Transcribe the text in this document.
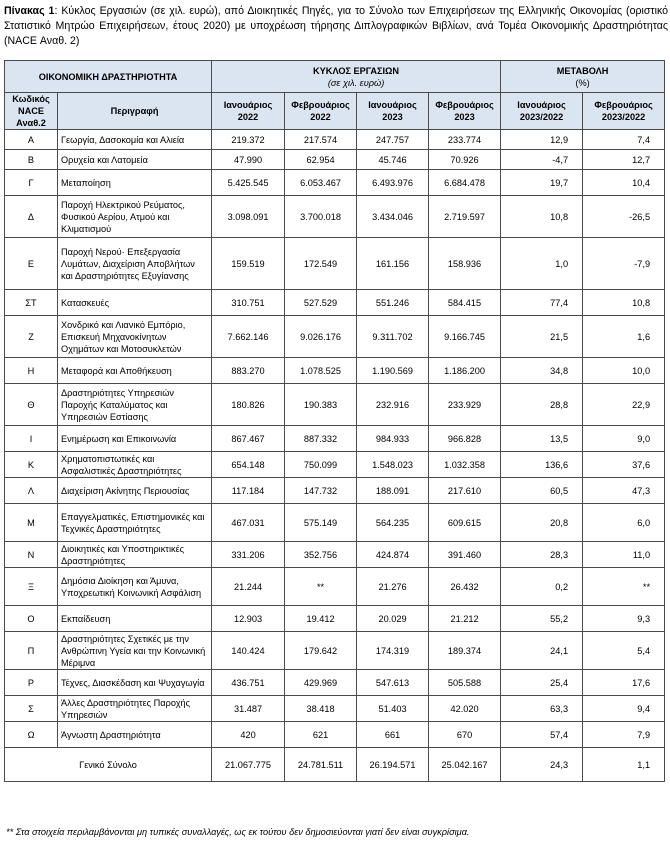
Πίνακας 1: Κύκλος Εργασιών (σε χιλ. ευρώ), από Διοικητικές Πηγές, για το Σύνολο των Επιχειρήσεων της Ελληνικής Οικονομίας (οριστικό Στατιστικό Μητρώο Επιχειρήσεων, έτους 2020) με υποχρέωση τήρησης Διπλογραφικών Βιβλίων, ανά Τομέα Οικονομικής Δραστηριότητας (NACE Αναθ. 2)
ΟΙΚΟΝΟΜΙΚΗ ΔΡΑΣΤΗΡΙΟΤΗΤΑ		ΚΥΚΛΟΣ ΕΡΓΑΣΙΩΝ
(σε χιλ. ευρώ)				ΜΕΤΑΒΟΛΗ
(%)	

Κωδικός NACE Αναθ.2	Περιγραφή	Ιανουάριος 2022	Φεβρουάριος 2022	Ιανουάριος 2023	Φεβρουάριος 2023	Ιανουάριος 2023/2022	Φεβρουάριος 2023/2022
Α	Γεωργία, Δασοκομία και Αλιεία	219.372	217.574	247.757	233.774	12,9	7,4
Β	Ορυχεία και Λατομεία	47.990	62.954	45.746	70.926	-4,7	12,7
Γ	Μεταποίηση	5.425.545	6.053.467	6.493.976	6.684.478	19,7	10,4
Δ	Παροχή Ηλεκτρικού Ρεύματος, Φυσικού Αερίου, Ατμού και Κλιματισμού	3.098.091	3.700.018	3.434.046	2.719.597	10,8	-26,5
Ε	Παροχή Νερού· Επεξεργασία Λυμάτων, Διαχείριση Αποβλήτων και Δραστηριότητες Εξυγίανσης	159.519	172.549	161.156	158.936	1,0	-7,9
ΣΤ	Κατασκευές	310.751	527.529	551.246	584.415	77,4	10,8
Ζ	Χονδρικό και Λιανικό Εμπόριο, Επισκευή Μηχανοκίνητων Οχημάτων και Μοτοσυκλετών	7.662.146	9.026.176	9.311.702	9.166.745	21,5	1,6
Η	Μεταφορά και Αποθήκευση	883.270	1.078.525	1.190.569	1.186.200	34,8	10,0
Θ	Δραστηριότητες Υπηρεσιών Παροχής Καταλύματος και Υπηρεσιών Εστίασης	180.826	190.383	232.916	233.929	28,8	22,9
Ι	Ενημέρωση και Επικοινωνία	867.467	887.332	984.933	966.828	13,5	9,0
Κ	Χρηματοπιστωτικές και Ασφαλιστικές Δραστηριότητες	654.148	750.099	1.548.023	1.032.358	136,6	37,6
Λ	Διαχείριση Ακίνητης Περιουσίας	117.184	147.732	188.091	217.610	60,5	47,3
Μ	Επαγγελματικές, Επιστημονικές και Τεχνικές Δραστηριότητες	467.031	575.149	564.235	609.615	20,8	6,0
Ν	Διοικητικές και Υποστηρικτικές Δραστηριότητες	331.206	352.756	424.874	391.460	28,3	11,0
Ξ	Δημόσια Διοίκηση και Άμυνα, Υποχρεωτική Κοινωνική Ασφάλιση	21.244	**	21.276	26.432	0,2	**
Ο	Εκπαίδευση	12.903	19.412	20.029	21.212	55,2	9,3
Π	Δραστηριότητες Σχετικές με την Ανθρώπινη Υγεία και την Κοινωνική Μέριμνα	140.424	179.642	174.319	189.374	24,1	5,4
Ρ	Τέχνες, Διασκέδαση και Ψυχαγωγία	436.751	429.969	547.613	505.588	25,4	17,6
Σ	Άλλες Δραστηριότητες Παροχής Υπηρεσιών	31.487	38.418	51.403	42.020	63,3	9,4
Ω	Άγνωστη Δραστηριότητα	420	621	661	670	57,4	7,9
Γενικό Σύνολο		21.067.775	24.781.511	26.194.571	25.042.167	24,3	1,1
** Στα στοιχεία περιλαμβάνονται μη τυπικές συναλλαγές, ως εκ τούτου δεν δημοσιεύονται γιατί δεν είναι συγκρίσιμα.
